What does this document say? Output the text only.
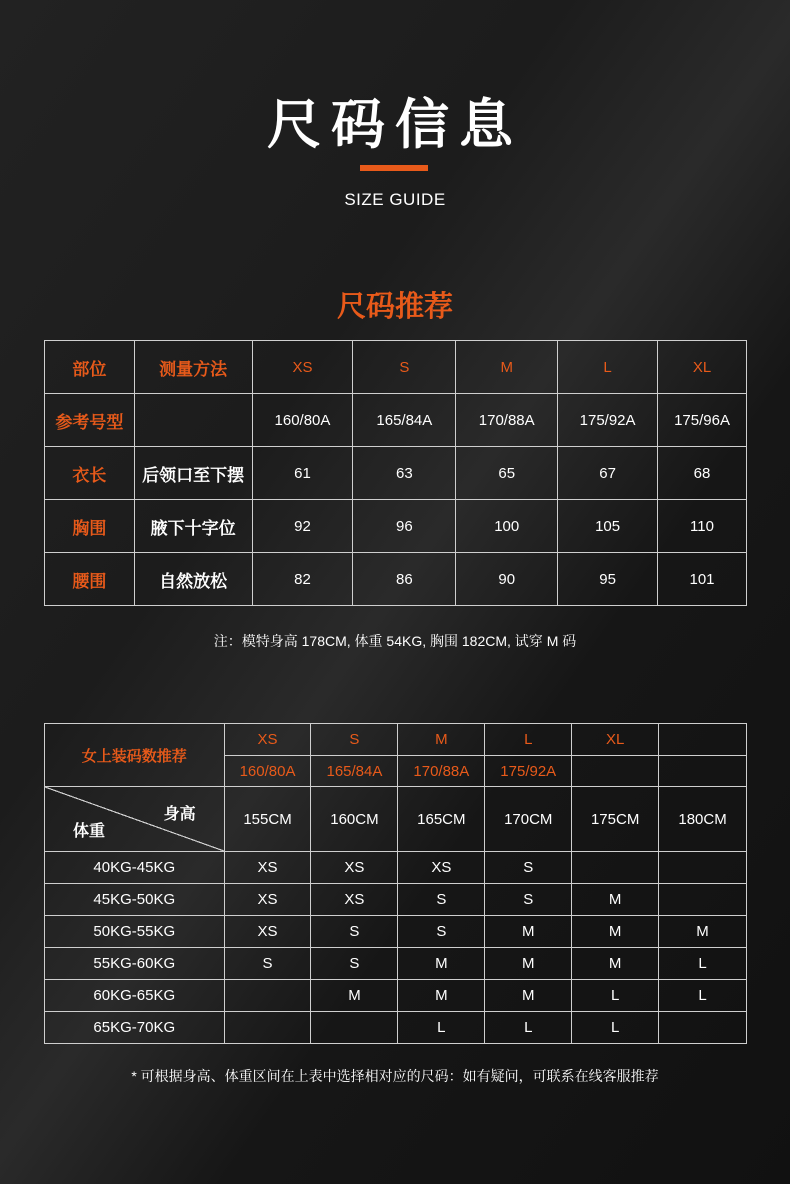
尺码信息
SIZE GUIDE
尺码推荐
部位	测量方法	XS	S	M	L	XL
参考号型		160/80A	165/84A	170/88A	175/92A	175/96A
衣长	后领口至下摆	61	63	65	67	68
胸围	腋下十字位	92	96	100	105	110
腰围	自然放松	82	86	90	95	101
注：模特身高 178CM, 体重 54KG, 胸围 182CM, 试穿 M 码
女上装码数推荐	XS	S	M	L	XL	
	160/80A	165/84A	170/88A	175/92A		

身高
体重	155CM	160CM	165CM	170CM	175CM	180CM
40KG-45KG	XS	XS	XS	S		
45KG-50KG	XS	XS	S	S	M	
50KG-55KG	XS	S	S	M	M	M
55KG-60KG	S	S	M	M	M	L
60KG-65KG		M	M	M	L	L
65KG-70KG			L	L	L	
* 可根据身高、体重区间在上表中选择相对应的尺码：如有疑问，可联系在线客服推荐
